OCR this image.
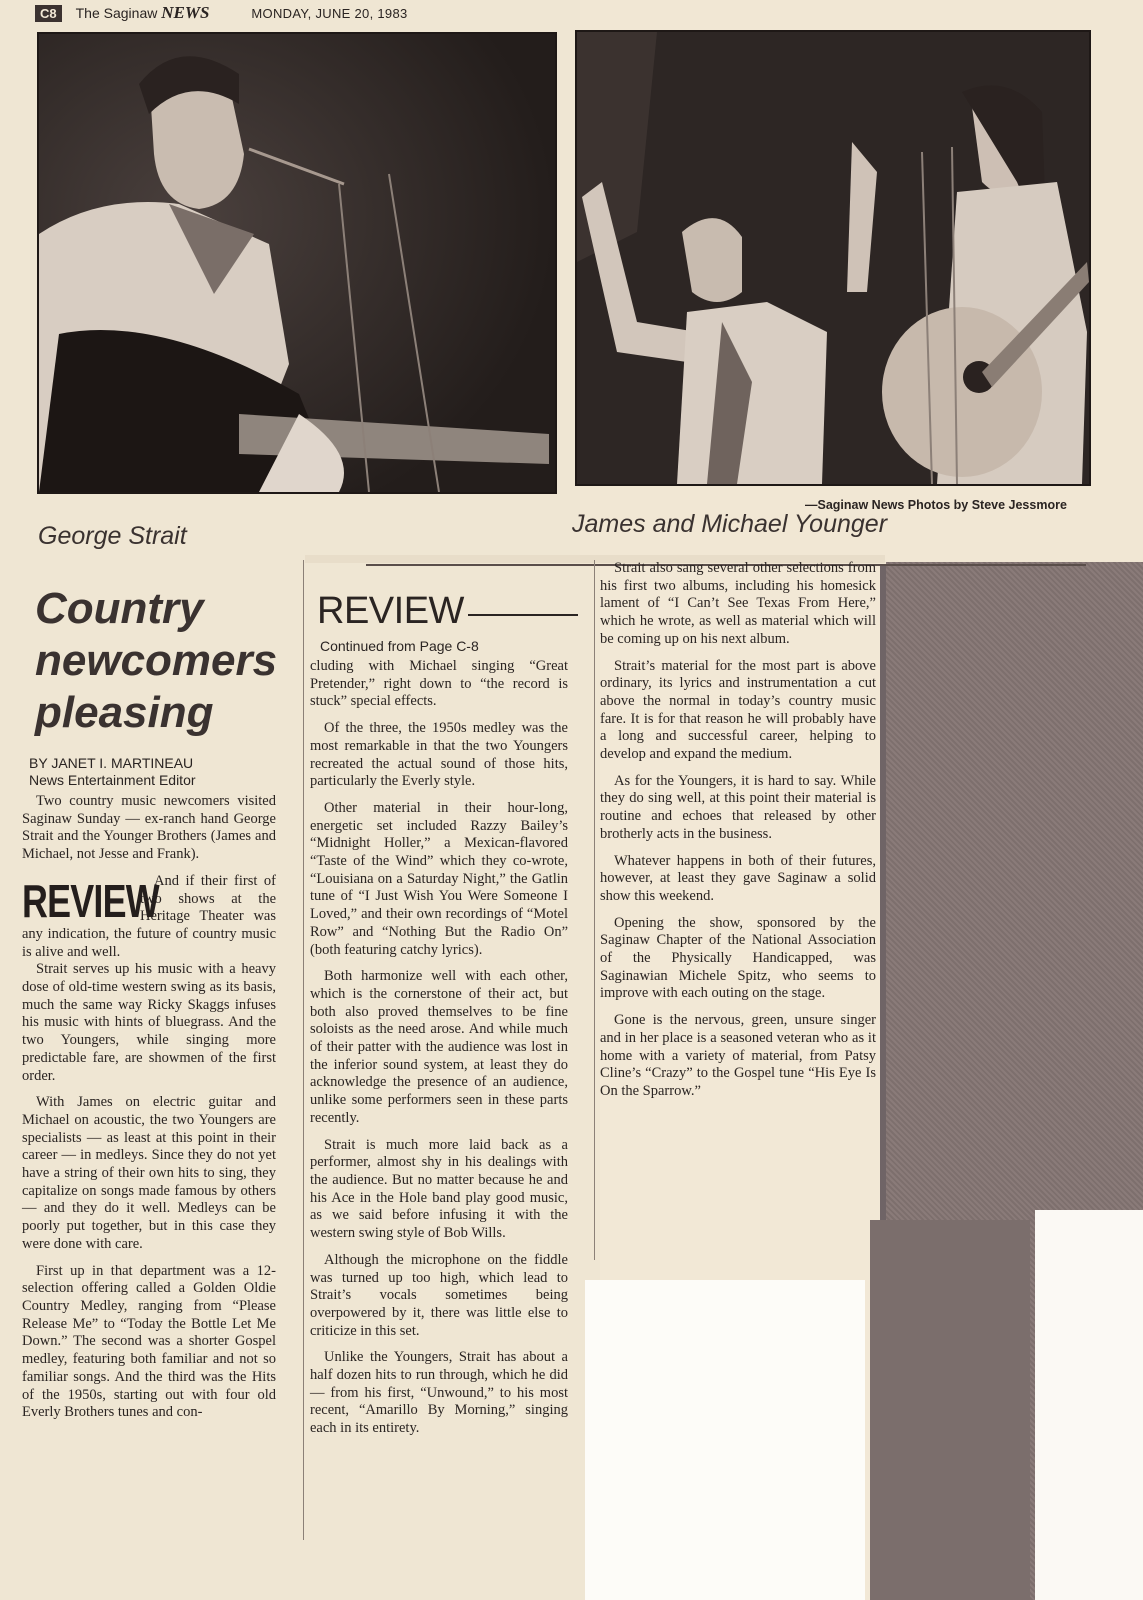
C8	The Saginaw NEWS	MONDAY, JUNE 20, 1983
—Saginaw News Photos by Steve Jessmore
George Strait	James and Michael Younger
Country newcomers pleasing
BY JANET I. MARTINEAU
News Entertainment Editor

Two country music newcomers visited Saginaw Sunday — ex-ranch hand George Strait and the Younger Brothers (James and Michael, not Jesse and Frank).

REVIEW

And if their first of two shows at the Heritage Theater was any indication, the future of country music is alive and well.

Strait serves up his music with a heavy dose of old-time western swing as its basis, much the same way Ricky Skaggs infuses his music with hints of bluegrass. And the two Youngers, while singing more predictable fare, are showmen of the first order.

With James on electric guitar and Michael on acoustic, the two Youngers are specialists — as least at this point in their career — in medleys. Since they do not yet have a string of their own hits to sing, they capitalize on songs made famous by others — and they do it well. Medleys can be poorly put together, but in this case they were done with care.

First up in that department was a 12-selection offering called a Golden Oldie Country Medley, ranging from “Please Release Me” to “Today the Bottle Let Me Down.” The second was a shorter Gospel medley, featuring both familiar and not so familiar songs. And the third was the Hits of the 1950s, starting out with four old Everly Brothers tunes and con-

REVIEW
Continued from Page C-8

cluding with Michael singing “Great Pretender,” right down to “the record is stuck” special effects.

Of the three, the 1950s medley was the most remarkable in that the two Youngers recreated the actual sound of those hits, particularly the Everly style.

Other material in their hour-long, energetic set included Razzy Bailey’s “Midnight Holler,” a Mexican-flavored “Taste of the Wind” which they co-wrote, “Louisiana on a Saturday Night,” the Gatlin tune of “I Just Wish You Were Someone I Loved,” and their own recordings of “Motel Row” and “Nothing But the Radio On” (both featuring catchy lyrics).

Both harmonize well with each other, which is the cornerstone of their act, but both also proved themselves to be fine soloists as the need arose. And while much of their patter with the audience was lost in the inferior sound system, at least they do acknowledge the presence of an audience, unlike some performers seen in these parts recently.

Strait is much more laid back as a performer, almost shy in his dealings with the audience. But no matter because he and his Ace in the Hole band play good music, as we said before infusing it with the western swing style of Bob Wills.

Although the microphone on the fiddle was turned up too high, which lead to Strait’s vocals sometimes being overpowered by it, there was little else to criticize in this set.

Unlike the Youngers, Strait has about a half dozen hits to run through, which he did — from his first, “Unwound,” to his most recent, “Amarillo By Morning,” singing each in its entirety.

Strait also sang several other selections from his first two albums, including his homesick lament of “I Can’t See Texas From Here,” which he wrote, as well as material which will be coming up on his next album.

Strait’s material for the most part is above ordinary, its lyrics and instrumentation a cut above the normal in today’s country music fare. It is for that reason he will probably have a long and successful career, helping to develop and expand the medium.

As for the Youngers, it is hard to say. While they do sing well, at this point their material is routine and echoes that released by other brotherly acts in the business.

Whatever happens in both of their futures, however, at least they gave Saginaw a solid show this weekend.

Opening the show, sponsored by the Saginaw Chapter of the National Association of the Physically Handicapped, was Saginawian Michele Spitz, who seems to improve with each outing on the stage.

Gone is the nervous, green, unsure singer and in her place is a seasoned veteran who as it home with a variety of material, from Patsy Cline’s “Crazy” to the Gospel tune “His Eye Is On the Sparrow.”
